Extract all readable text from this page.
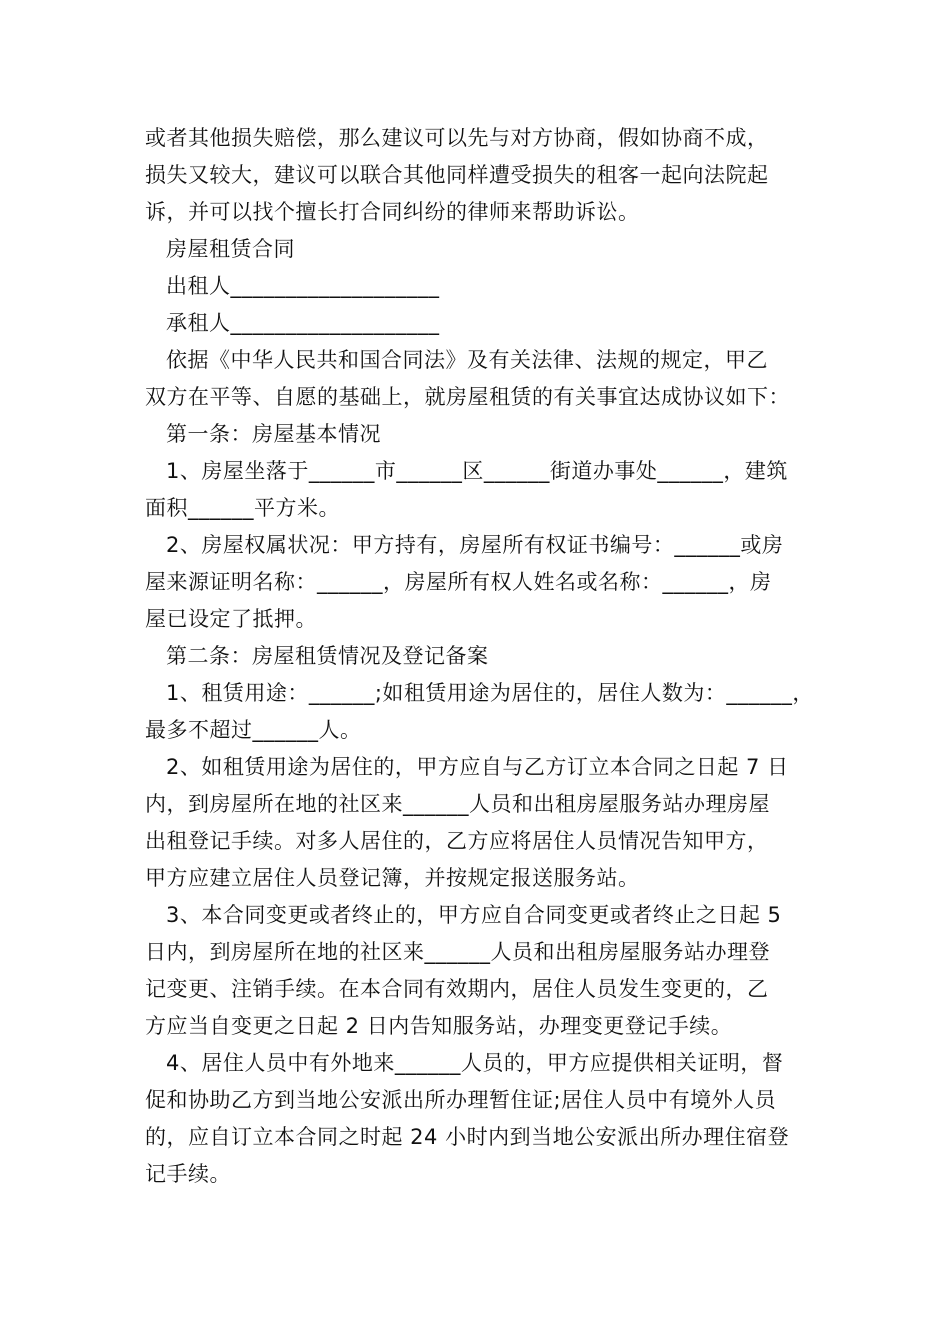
或者其他损失赔偿，那么建议可以先与对方协商，假如协商不成，
损失又较大，建议可以联合其他同样遭受损失的租客一起向法院起
诉，并可以找个擅长打合同纠纷的律师来帮助诉讼。
房屋租赁合同
出租人___________________
承租人___________________
依据《中华人民共和国合同法》及有关法律、法规的规定，甲乙
双方在平等、自愿的基础上，就房屋租赁的有关事宜达成协议如下：
第一条：房屋基本情况
1、房屋坐落于______市______区______街道办事处______，建筑
面积______平方米。
2、房屋权属状况：甲方持有，房屋所有权证书编号：______或房
屋来源证明名称：______，房屋所有权人姓名或名称：______，房
屋已设定了抵押。
第二条：房屋租赁情况及登记备案
1、租赁用途：______;如租赁用途为居住的，居住人数为：______，
最多不超过______人。
2、如租赁用途为居住的，甲方应自与乙方订立本合同之日起 7 日
内，到房屋所在地的社区来______人员和出租房屋服务站办理房屋
出租登记手续。对多人居住的，乙方应将居住人员情况告知甲方，
甲方应建立居住人员登记簿，并按规定报送服务站。
3、本合同变更或者终止的，甲方应自合同变更或者终止之日起 5
日内，到房屋所在地的社区来______人员和出租房屋服务站办理登
记变更、注销手续。在本合同有效期内，居住人员发生变更的，乙
方应当自变更之日起 2 日内告知服务站，办理变更登记手续。
4、居住人员中有外地来______人员的，甲方应提供相关证明，督
促和协助乙方到当地公安派出所办理暂住证;居住人员中有境外人员
的，应自订立本合同之时起 24 小时内到当地公安派出所办理住宿登
记手续。
